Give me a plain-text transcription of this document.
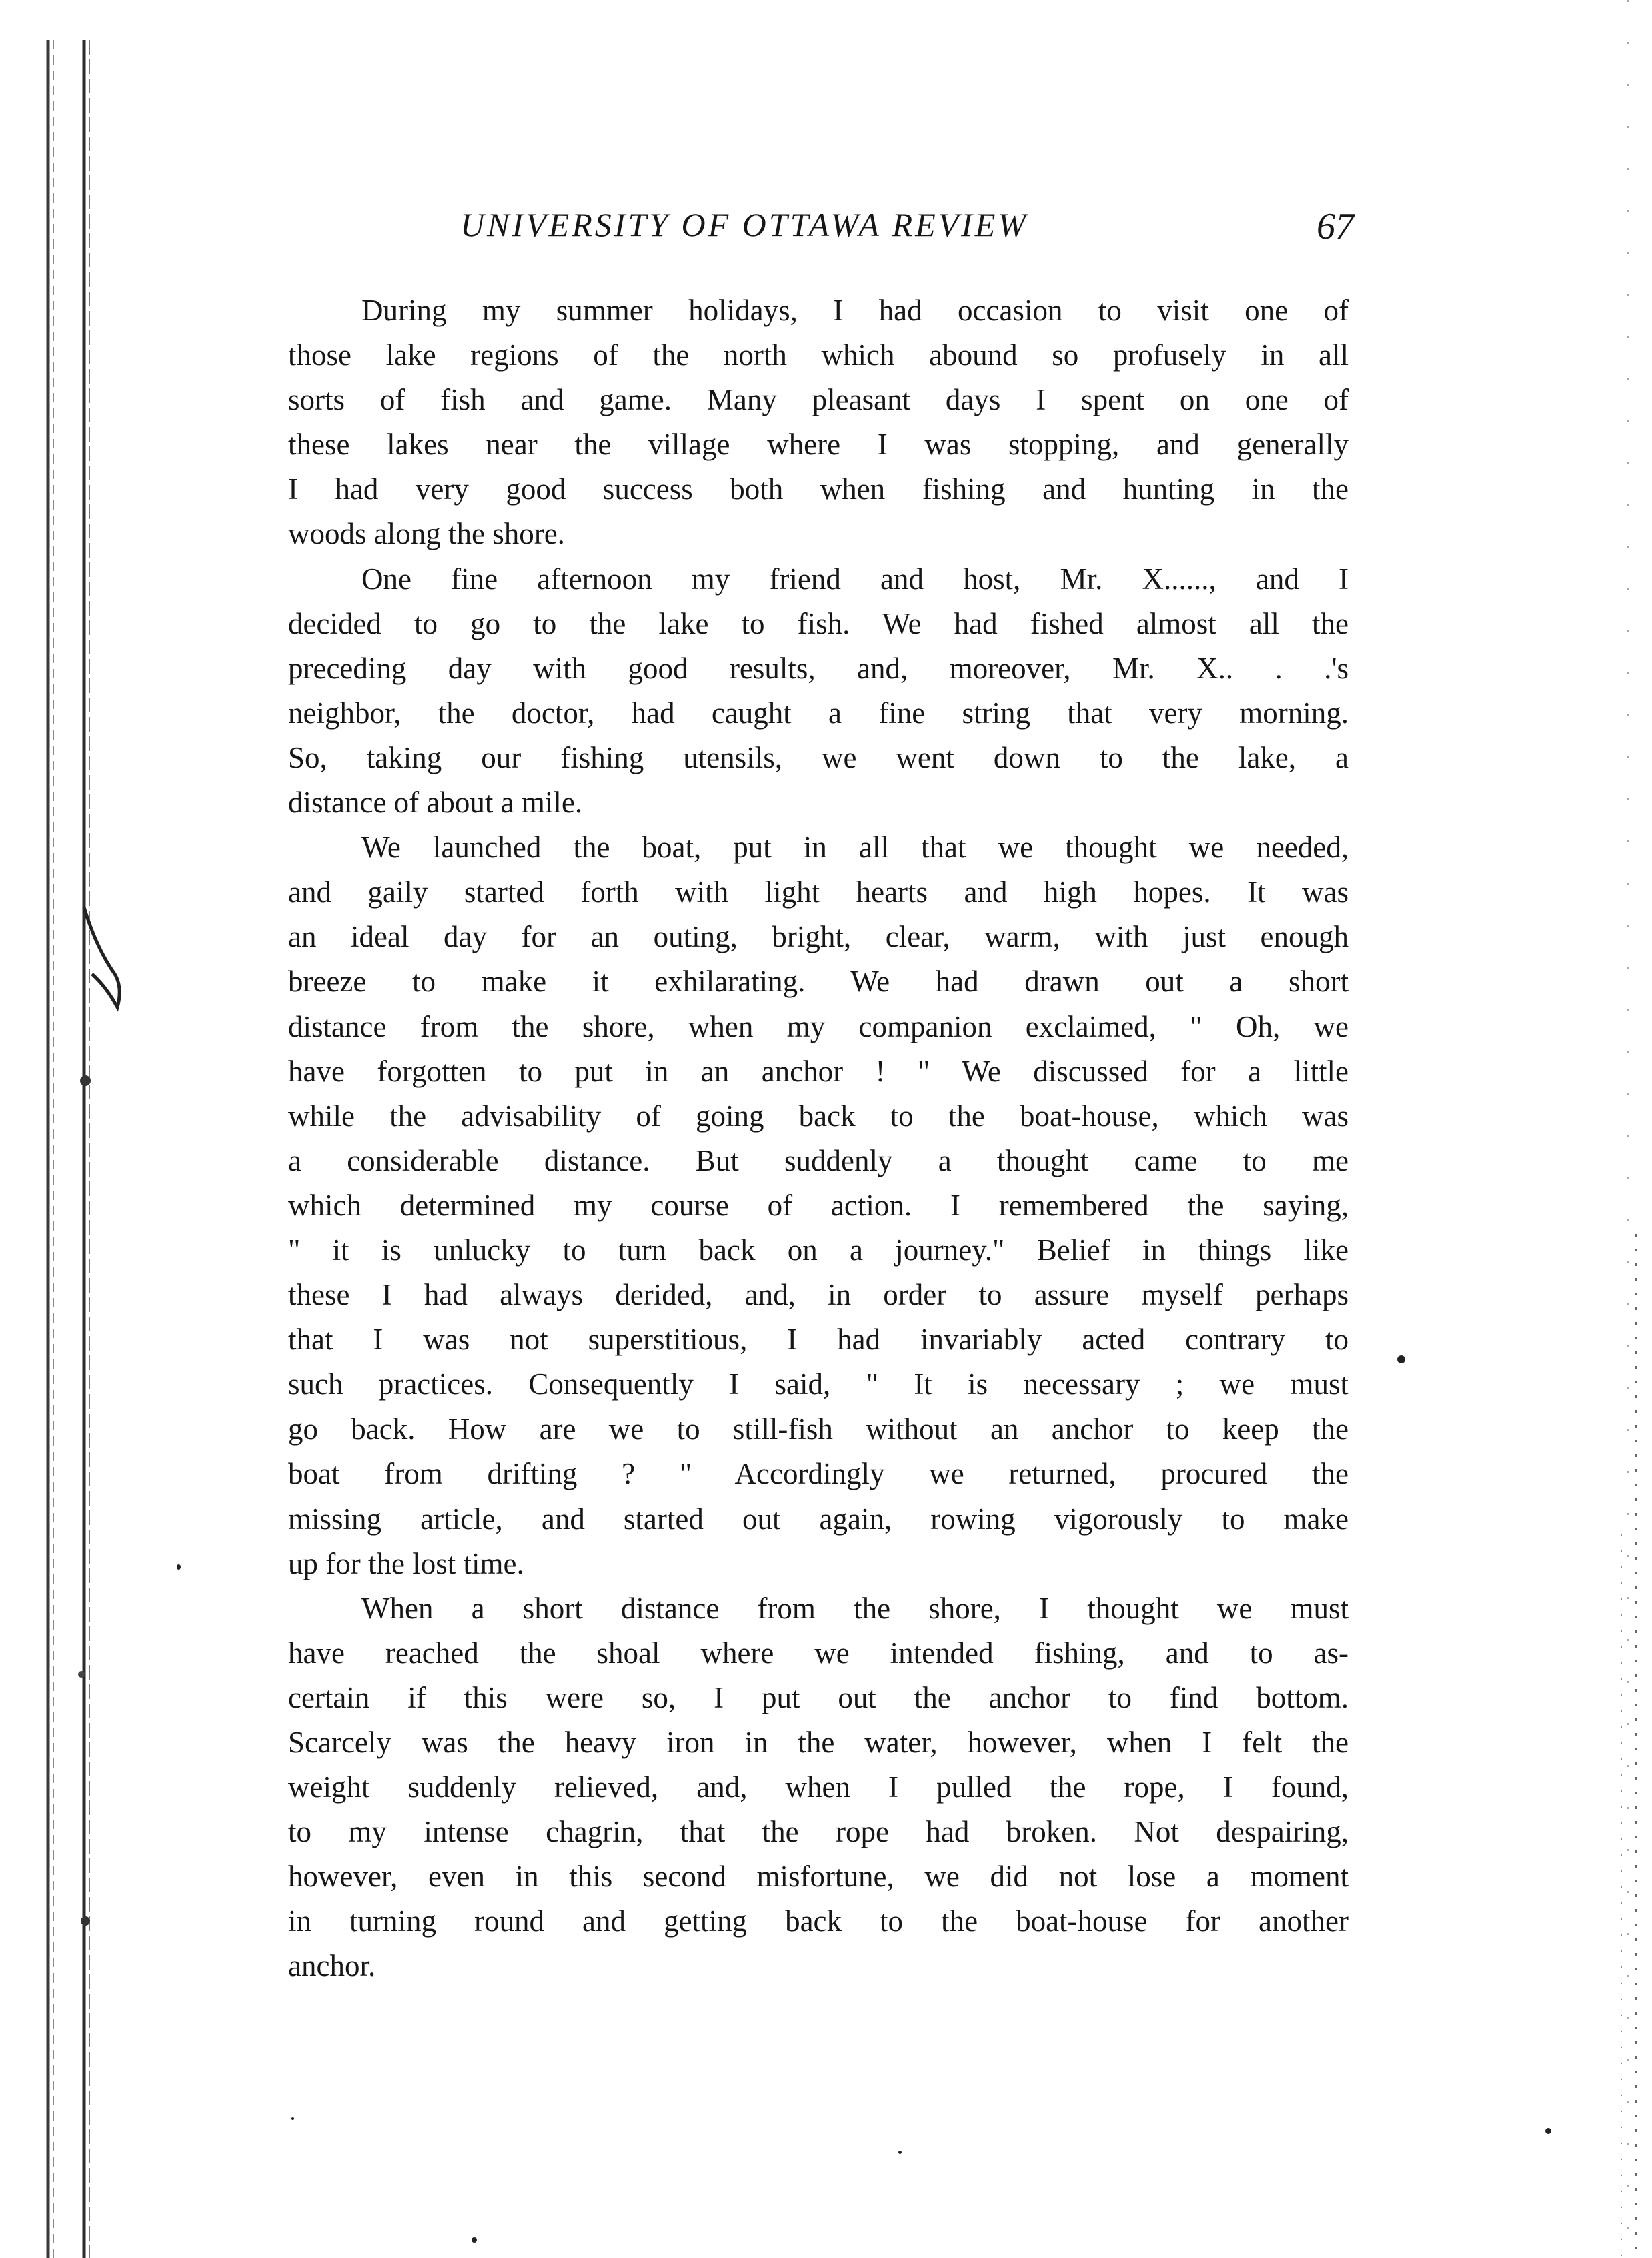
UNIVERSITY OF OTTAWA REVIEW	67
During my summer holidays, I had occasion to visit one of
those lake regions of the north which abound so profusely in all
sorts of fish and game. Many pleasant days I spent on one of
these lakes near the village where I was stopping, and generally
I had very good success both when fishing and hunting in the
woods along the shore.
One fine afternoon my friend and host, Mr. X......, and I
decided to go to the lake to fish. We had fished almost all the
preceding day with good results, and, moreover, Mr. X.. . .'s
neighbor, the doctor, had caught a fine string that very morning.
So, taking our fishing utensils, we went down to the lake, a
distance of about a mile.
We launched the boat, put in all that we thought we needed,
and gaily started forth with light hearts and high hopes. It was
an ideal day for an outing, bright, clear, warm, with just enough
breeze to make it exhilarating. We had drawn out a short
distance from the shore, when my companion exclaimed, " Oh, we
have forgotten to put in an anchor ! " We discussed for a little
while the advisability of going back to the boat-house, which was
a considerable distance. But suddenly a thought came to me
which determined my course of action. I remembered the saying,
" it is unlucky to turn back on a journey." Belief in things like
these I had always derided, and, in order to assure myself perhaps
that I was not superstitious, I had invariably acted contrary to
such practices. Consequently I said, " It is necessary ; we must
go back. How are we to still-fish without an anchor to keep the
boat from drifting ? " Accordingly we returned, procured the
missing article, and started out again, rowing vigorously to make
up for the lost time.
When a short distance from the shore, I thought we must
have reached the shoal where we intended fishing, and to as-
certain if this were so, I put out the anchor to find bottom.
Scarcely was the heavy iron in the water, however, when I felt the
weight suddenly relieved, and, when I pulled the rope, I found,
to my intense chagrin, that the rope had broken. Not despairing,
however, even in this second misfortune, we did not lose a moment
in turning round and getting back to the boat-house for another
anchor.
